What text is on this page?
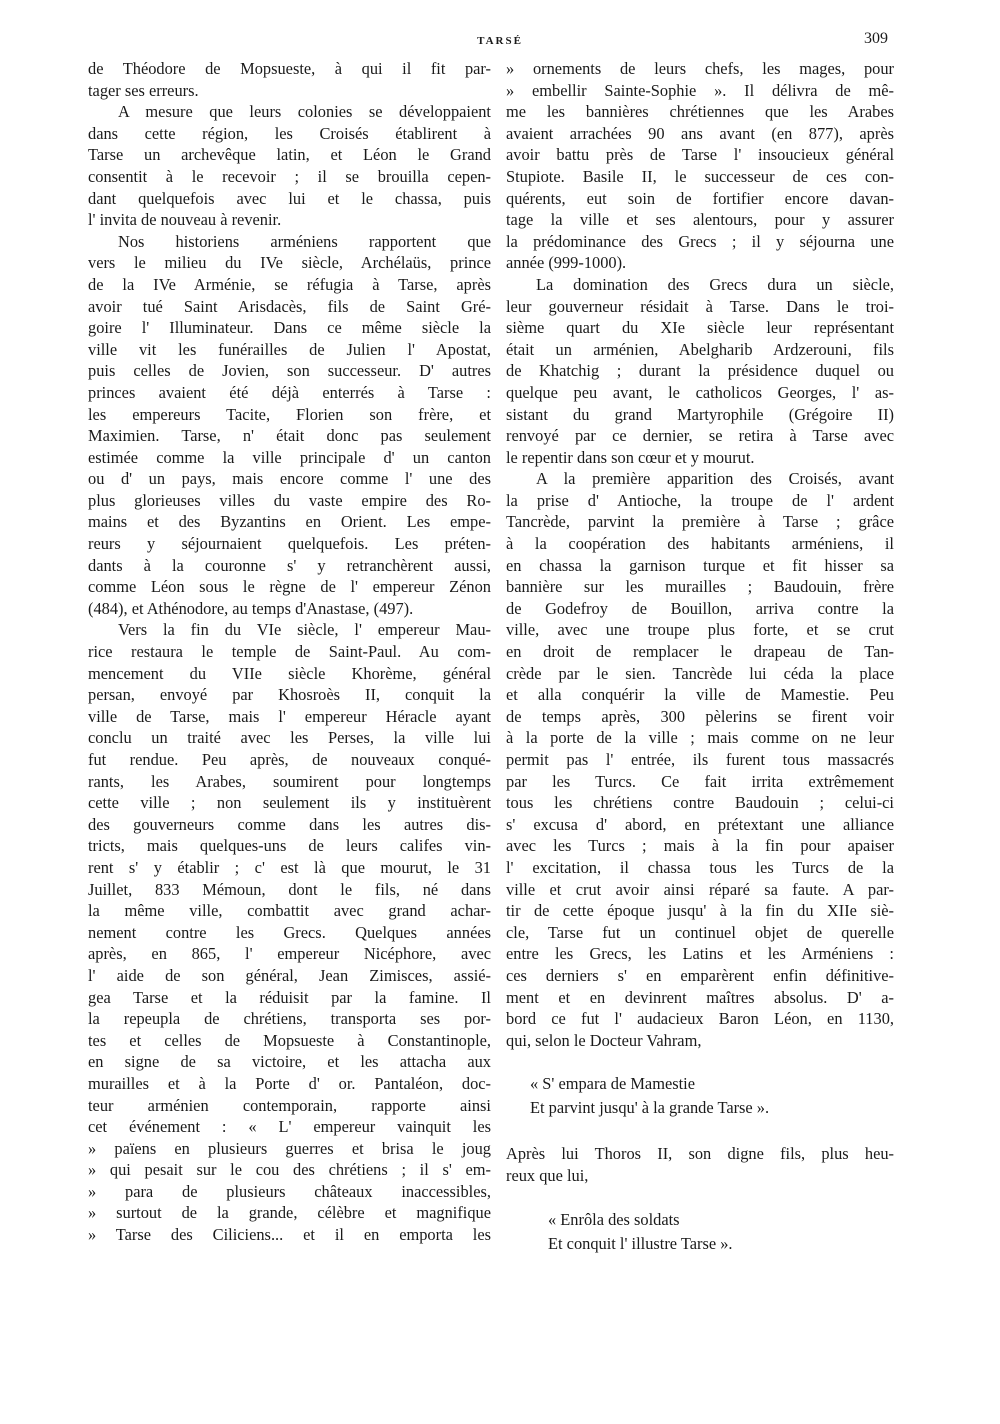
TARSÉ	309
de Théodore de Mopsueste, à qui il fit par-
tager ses erreurs.
A mesure que leurs colonies se développaient
dans cette région, les Croisés établirent à
Tarse un archevêque latin, et Léon le Grand
consentit à le recevoir ; il se brouilla cepen-
dant quelquefois avec lui et le chassa, puis
l' invita de nouveau à revenir.
Nos historiens arméniens rapportent que
vers le milieu du IVe siècle, Archélaüs, prince
de la IVe Arménie, se réfugia à Tarse, après
avoir tué Saint Arisdacès, fils de Saint Gré-
goire l' Illuminateur. Dans ce même siècle la
ville vit les funérailles de Julien l' Apostat,
puis celles de Jovien, son successeur. D' autres
princes avaient été déjà enterrés à Tarse :
les empereurs Tacite, Florien son frère, et
Maximien. Tarse, n' était donc pas seulement
estimée comme la ville principale d' un canton
ou d' un pays, mais encore comme l' une des
plus glorieuses villes du vaste empire des Ro-
mains et des Byzantins en Orient. Les empe-
reurs y séjournaient quelquefois. Les préten-
dants à la couronne s' y retranchèrent aussi,
comme Léon sous le règne de l' empereur Zénon
(484), et Athénodore, au temps d'Anastase, (497).
Vers la fin du VIe siècle, l' empereur Mau-
rice restaura le temple de Saint-Paul. Au com-
mencement du VIIe siècle Khorème, général
persan, envoyé par Khosroès II, conquit la
ville de Tarse, mais l' empereur Héracle ayant
conclu un traité avec les Perses, la ville lui
fut rendue. Peu après, de nouveaux conqué-
rants, les Arabes, soumirent pour longtemps
cette ville ; non seulement ils y instituèrent
des gouverneurs comme dans les autres dis-
tricts, mais quelques-uns de leurs califes vin-
rent s' y établir ; c' est là que mourut, le 31
Juillet, 833 Mémoun, dont le fils, né dans
la même ville, combattit avec grand achar-
nement contre les Grecs. Quelques années
après, en 865, l' empereur Nicéphore, avec
l' aide de son général, Jean Zimisces, assié-
gea Tarse et la réduisit par la famine. Il
la repeupla de chrétiens, transporta ses por-
tes et celles de Mopsueste à Constantinople,
en signe de sa victoire, et les attacha aux
murailles et à la Porte d' or. Pantaléon, doc-
teur arménien contemporain, rapporte ainsi
cet événement : « L' empereur vainquit les
» païens en plusieurs guerres et brisa le joug
» qui pesait sur le cou des chrétiens ; il s' em-
» para de plusieurs châteaux inaccessibles,
» surtout de la grande, célèbre et magnifique
» Tarse des Ciliciens... et il en emporta les
» ornements de leurs chefs, les mages, pour
» embellir Sainte-Sophie ». Il délivra de mê-
me les bannières chrétiennes que les Arabes
avaient arrachées 90 ans avant (en 877), après
avoir battu près de Tarse l' insoucieux général
Stupiote. Basile II, le successeur de ces con-
quérents, eut soin de fortifier encore davan-
tage la ville et ses alentours, pour y assurer
la prédominance des Grecs ; il y séjourna une
année (999-1000).
La domination des Grecs dura un siècle,
leur gouverneur résidait à Tarse. Dans le troi-
sième quart du XIe siècle leur représentant
était un arménien, Abelgharib Ardzerouni, fils
de Khatchig ; durant la présidence duquel ou
quelque peu avant, le catholicos Georges, l' as-
sistant du grand Martyrophile (Grégoire II)
renvoyé par ce dernier, se retira à Tarse avec
le repentir dans son cœur et y mourut.
A la première apparition des Croisés, avant
la prise d' Antioche, la troupe de l' ardent
Tancrède, parvint la première à Tarse ; grâce
à la coopération des habitants arméniens, il
en chassa la garnison turque et fit hisser sa
bannière sur les murailles ; Baudouin, frère
de Godefroy de Bouillon, arriva contre la
ville, avec une troupe plus forte, et se crut
en droit de remplacer le drapeau de Tan-
crède par le sien. Tancrède lui céda la place
et alla conquérir la ville de Mamestie. Peu
de temps après, 300 pèlerins se firent voir
à la porte de la ville ; mais comme on ne leur
permit pas l' entrée, ils furent tous massacrés
par les Turcs. Ce fait irrita extrêmement
tous les chrétiens contre Baudouin ; celui-ci
s' excusa d' abord, en prétextant une alliance
avec les Turcs ; mais à la fin pour apaiser
l' excitation, il chassa tous les Turcs de la
ville et crut avoir ainsi réparé sa faute. A par-
tir de cette époque jusqu' à la fin du XIIe siè-
cle, Tarse fut un continuel objet de querelle
entre les Grecs, les Latins et les Arméniens :
ces derniers s' en emparèrent enfin définitive-
ment et en devinrent maîtres absolus. D' a-
bord ce fut l' audacieux Baron Léon, en 1130,
qui, selon le Docteur Vahram,
« S' empara de Mamestie
Et parvint jusqu' à la grande Tarse ».
Après lui Thoros II, son digne fils, plus heu-
reux que lui,
« Enrôla des soldats
Et conquit l' illustre Tarse ».
